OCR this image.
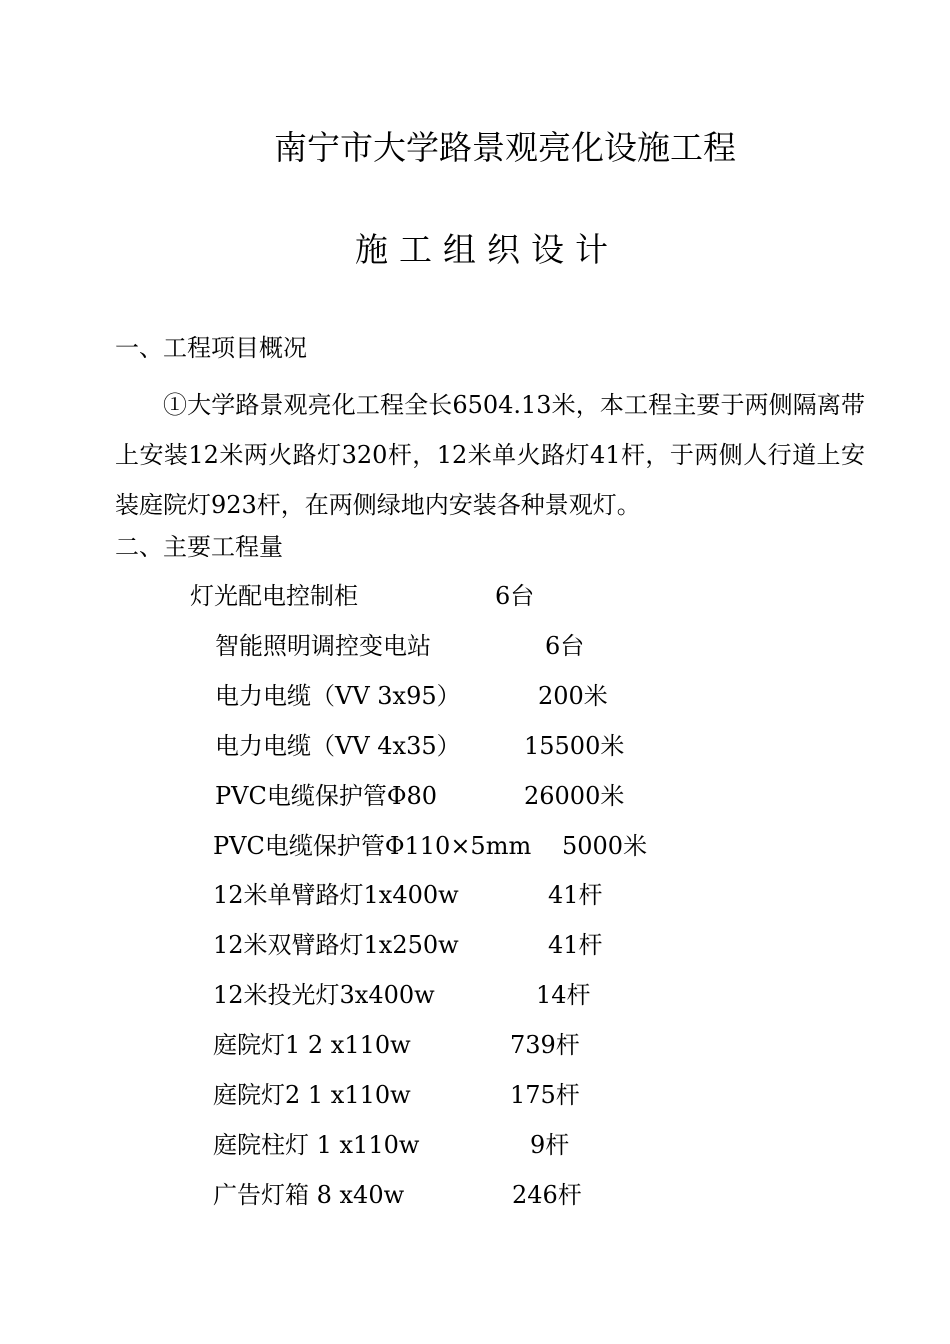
南宁市大学路景观亮化设施工程
施工组织设计
一、工程项目概况

①大学路景观亮化工程全长6504.13米，本工程主要于两侧隔离带上安装12米两火路灯320杆，12米单火路灯41杆，于两侧人行道上安装庭院灯923杆，在两侧绿地内安装各种景观灯。

二、主要工程量
灯光配电控制柜	6台
智能照明调控变电站	6台
电力电缆（VV 3x95）	200米
电力电缆（VV 4x35）	15500米
PVC电缆保护管Φ80	26000米
PVC电缆保护管Φ110×5mm 5000米
12米单臂路灯1x400w	41杆
12米双臂路灯1x250w	41杆
12米投光灯3x400w	14杆
庭院灯1 2 x110w	739杆
庭院灯2 1 x110w	175杆
庭院柱灯 1 x110w	9杆
广告灯箱 8 x40w	246杆
